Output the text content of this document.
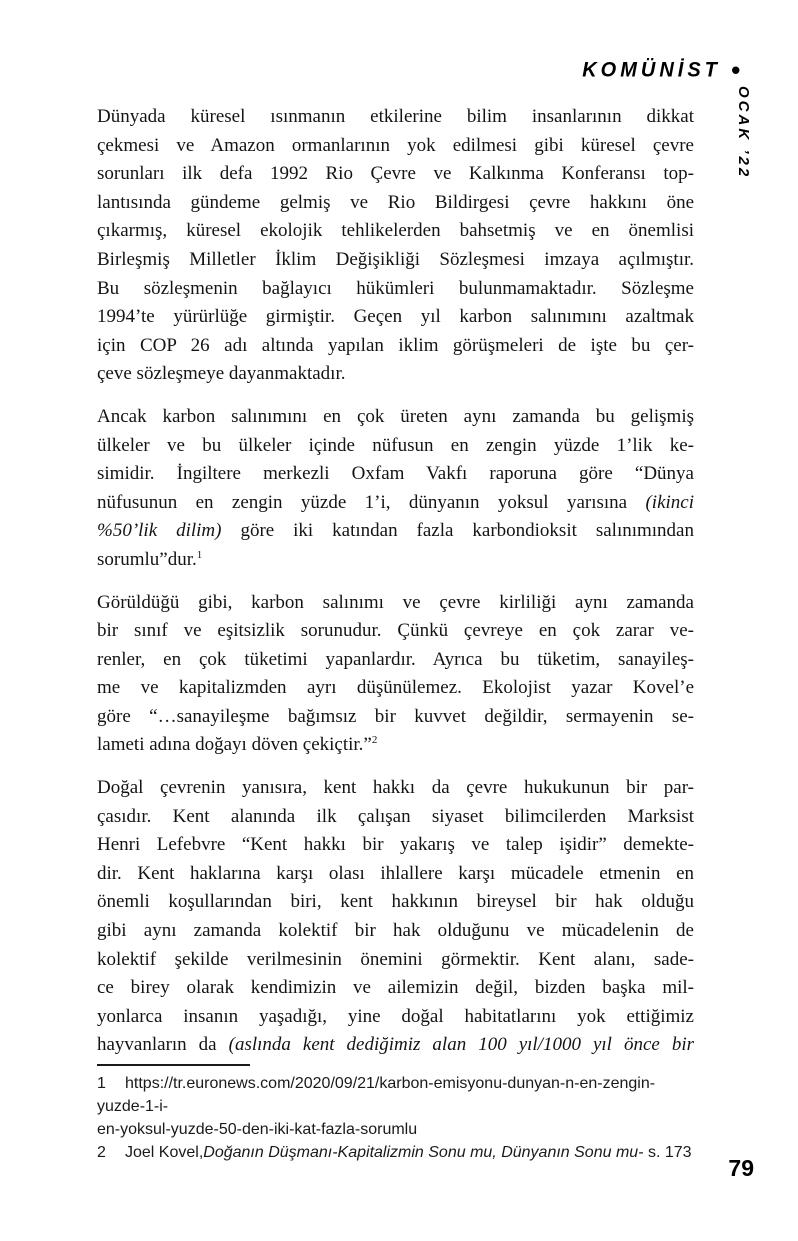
KOMÜNİST •
OCAK ’22
Dünyada küresel ısınmanın etkilerine bilim insanlarının dikkat
çekmesi ve Amazon ormanlarının yok edilmesi gibi küresel çevre
sorunları ilk defa 1992 Rio Çevre ve Kalkınma Konferansı top-
lantısında gündeme gelmiş ve Rio Bildirgesi çevre hakkını öne
çıkarmış, küresel ekolojik tehlikelerden bahsetmiş ve en önemlisi
Birleşmiş Milletler İklim Değişikliği Sözleşmesi imzaya açılmıştır.
Bu sözleşmenin bağlayıcı hükümleri bulunmamaktadır. Sözleşme
1994’te yürürlüğe girmiştir. Geçen yıl karbon salınımını azaltmak
için COP 26 adı altında yapılan iklim görüşmeleri de işte bu çer-
çeve sözleşmeye dayanmaktadır.
Ancak karbon salınımını en çok üreten aynı zamanda bu gelişmiş
ülkeler ve bu ülkeler içinde nüfusun en zengin yüzde 1’lik ke-
simidir. İngiltere merkezli Oxfam Vakfı raporuna göre “Dünya
nüfusunun en zengin yüzde 1’i, dünyanın yoksul yarısına (ikinci
%50’lik dilim) göre iki katından fazla karbondioksit salınımından
sorumlu”dur.$^1$
Görüldüğü gibi, karbon salınımı ve çevre kirliliği aynı zamanda
bir sınıf ve eşitsizlik sorunudur. Çünkü çevreye en çok zarar ve-
renler, en çok tüketimi yapanlardır. Ayrıca bu tüketim, sanayileş-
me ve kapitalizmden ayrı düşünülemez. Ekolojist yazar Kovel’e
göre “…sanayileşme bağımsız bir kuvvet değildir, sermayenin se-
lameti adına doğayı döven çekiçtir.”$^2$
Doğal çevrenin yanısıra, kent hakkı da çevre hukukunun bir par-
çasıdır. Kent alanında ilk çalışan siyaset bilimcilerden Marksist
Henri Lefebvre “Kent hakkı bir yakarış ve talep işidir” demekte-
dir. Kent haklarına karşı olası ihlallere karşı mücadele etmenin en
önemli koşullarından biri, kent hakkının bireysel bir hak olduğu
gibi aynı zamanda kolektif bir hak olduğunu ve mücadelenin de
kolektif şekilde verilmesinin önemini görmektir. Kent alanı, sade-
ce birey olarak kendimizin ve ailemizin değil, bizden başka mil-
yonlarca insanın yaşadığı, yine doğal habitatlarını yok ettiğimiz
hayvanların da (aslında kent dediğimiz alan 100 yıl/1000 yıl önce bir
1 https://tr.euronews.com/2020/09/21/karbon-emisyonu-dunyan-n-en-zengin-yuzde-1-i-
en-yoksul-yuzde-50-den-iki-kat-fazla-sorumlu
2 Joel Kovel,Doğanın Düşmanı-Kapitalizmin Sonu mu, Dünyanın Sonu mu- s. 173
79
